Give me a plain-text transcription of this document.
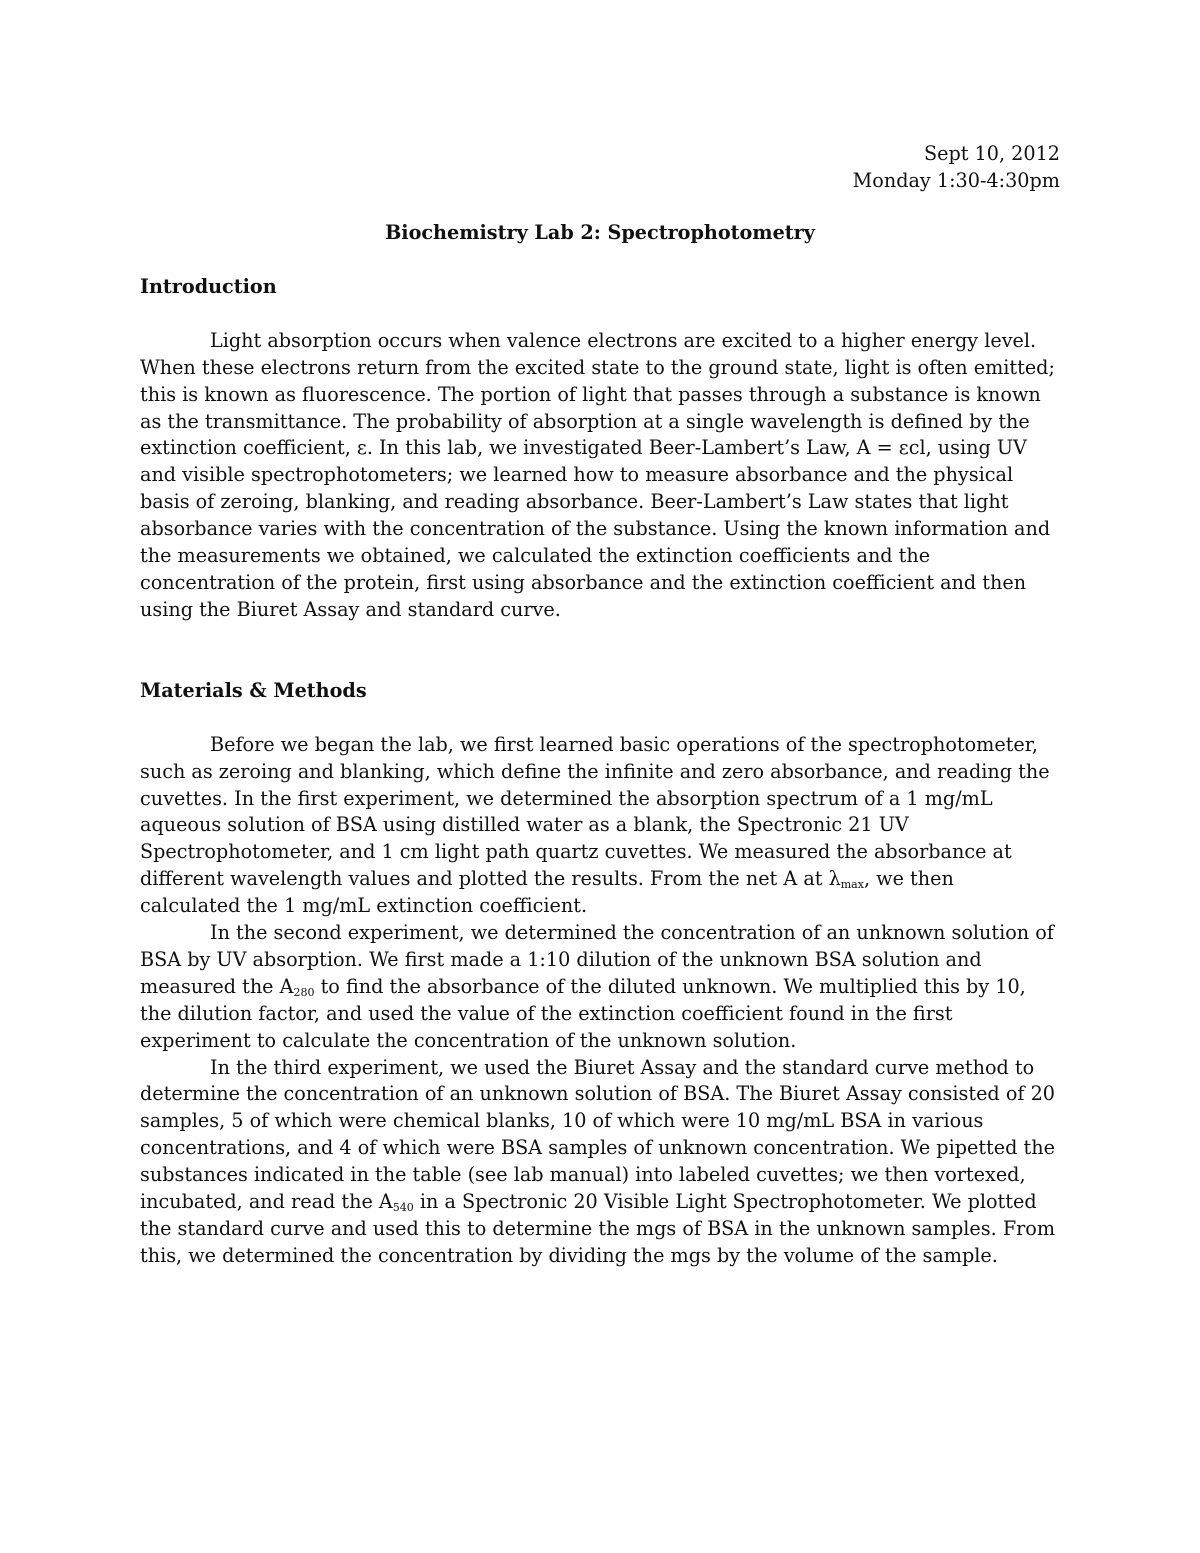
Sept 10, 2012
Monday 1:30-4:30pm
Biochemistry Lab 2: Spectrophotometry
Introduction

Light absorption occurs when valence electrons are excited to a higher energy level. When these electrons return from the excited state to the ground state, light is often emitted; this is known as fluorescence. The portion of light that passes through a substance is known as the transmittance. The probability of absorption at a single wavelength is defined by the extinction coefficient, ε. In this lab, we investigated Beer-Lambert’s Law, A = εcl, using UV and visible spectrophotometers; we learned how to measure absorbance and the physical basis of zeroing, blanking, and reading absorbance. Beer-Lambert’s Law states that light absorbance varies with the concentration of the substance. Using the known information and the measurements we obtained, we calculated the extinction coefficients and the concentration of the protein, first using absorbance and the extinction coefficient and then using the Biuret Assay and standard curve.

Materials & Methods

Before we began the lab, we first learned basic operations of the spectrophotometer, such as zeroing and blanking, which define the infinite and zero absorbance, and reading the cuvettes. In the first experiment, we determined the absorption spectrum of a 1 mg/mL aqueous solution of BSA using distilled water as a blank, the Spectronic 21 UV Spectrophotometer, and 1 cm light path quartz cuvettes. We measured the absorbance at different wavelength values and plotted the results. From the net A at $\lambda_{max}$, we then calculated the 1 mg/mL extinction coefficient.

In the second experiment, we determined the concentration of an unknown solution of BSA by UV absorption. We first made a 1:10 dilution of the unknown BSA solution and measured the $A_{280}$ to find the absorbance of the diluted unknown. We multiplied this by 10, the dilution factor, and used the value of the extinction coefficient found in the first experiment to calculate the concentration of the unknown solution.

In the third experiment, we used the Biuret Assay and the standard curve method to determine the concentration of an unknown solution of BSA. The Biuret Assay consisted of 20 samples, 5 of which were chemical blanks, 10 of which were 10 mg/mL BSA in various concentrations, and 4 of which were BSA samples of unknown concentration. We pipetted the substances indicated in the table (see lab manual) into labeled cuvettes; we then vortexed, incubated, and read the $A_{540}$ in a Spectronic 20 Visible Light Spectrophotometer. We plotted the standard curve and used this to determine the mgs of BSA in the unknown samples. From this, we determined the concentration by dividing the mgs by the volume of the sample.
